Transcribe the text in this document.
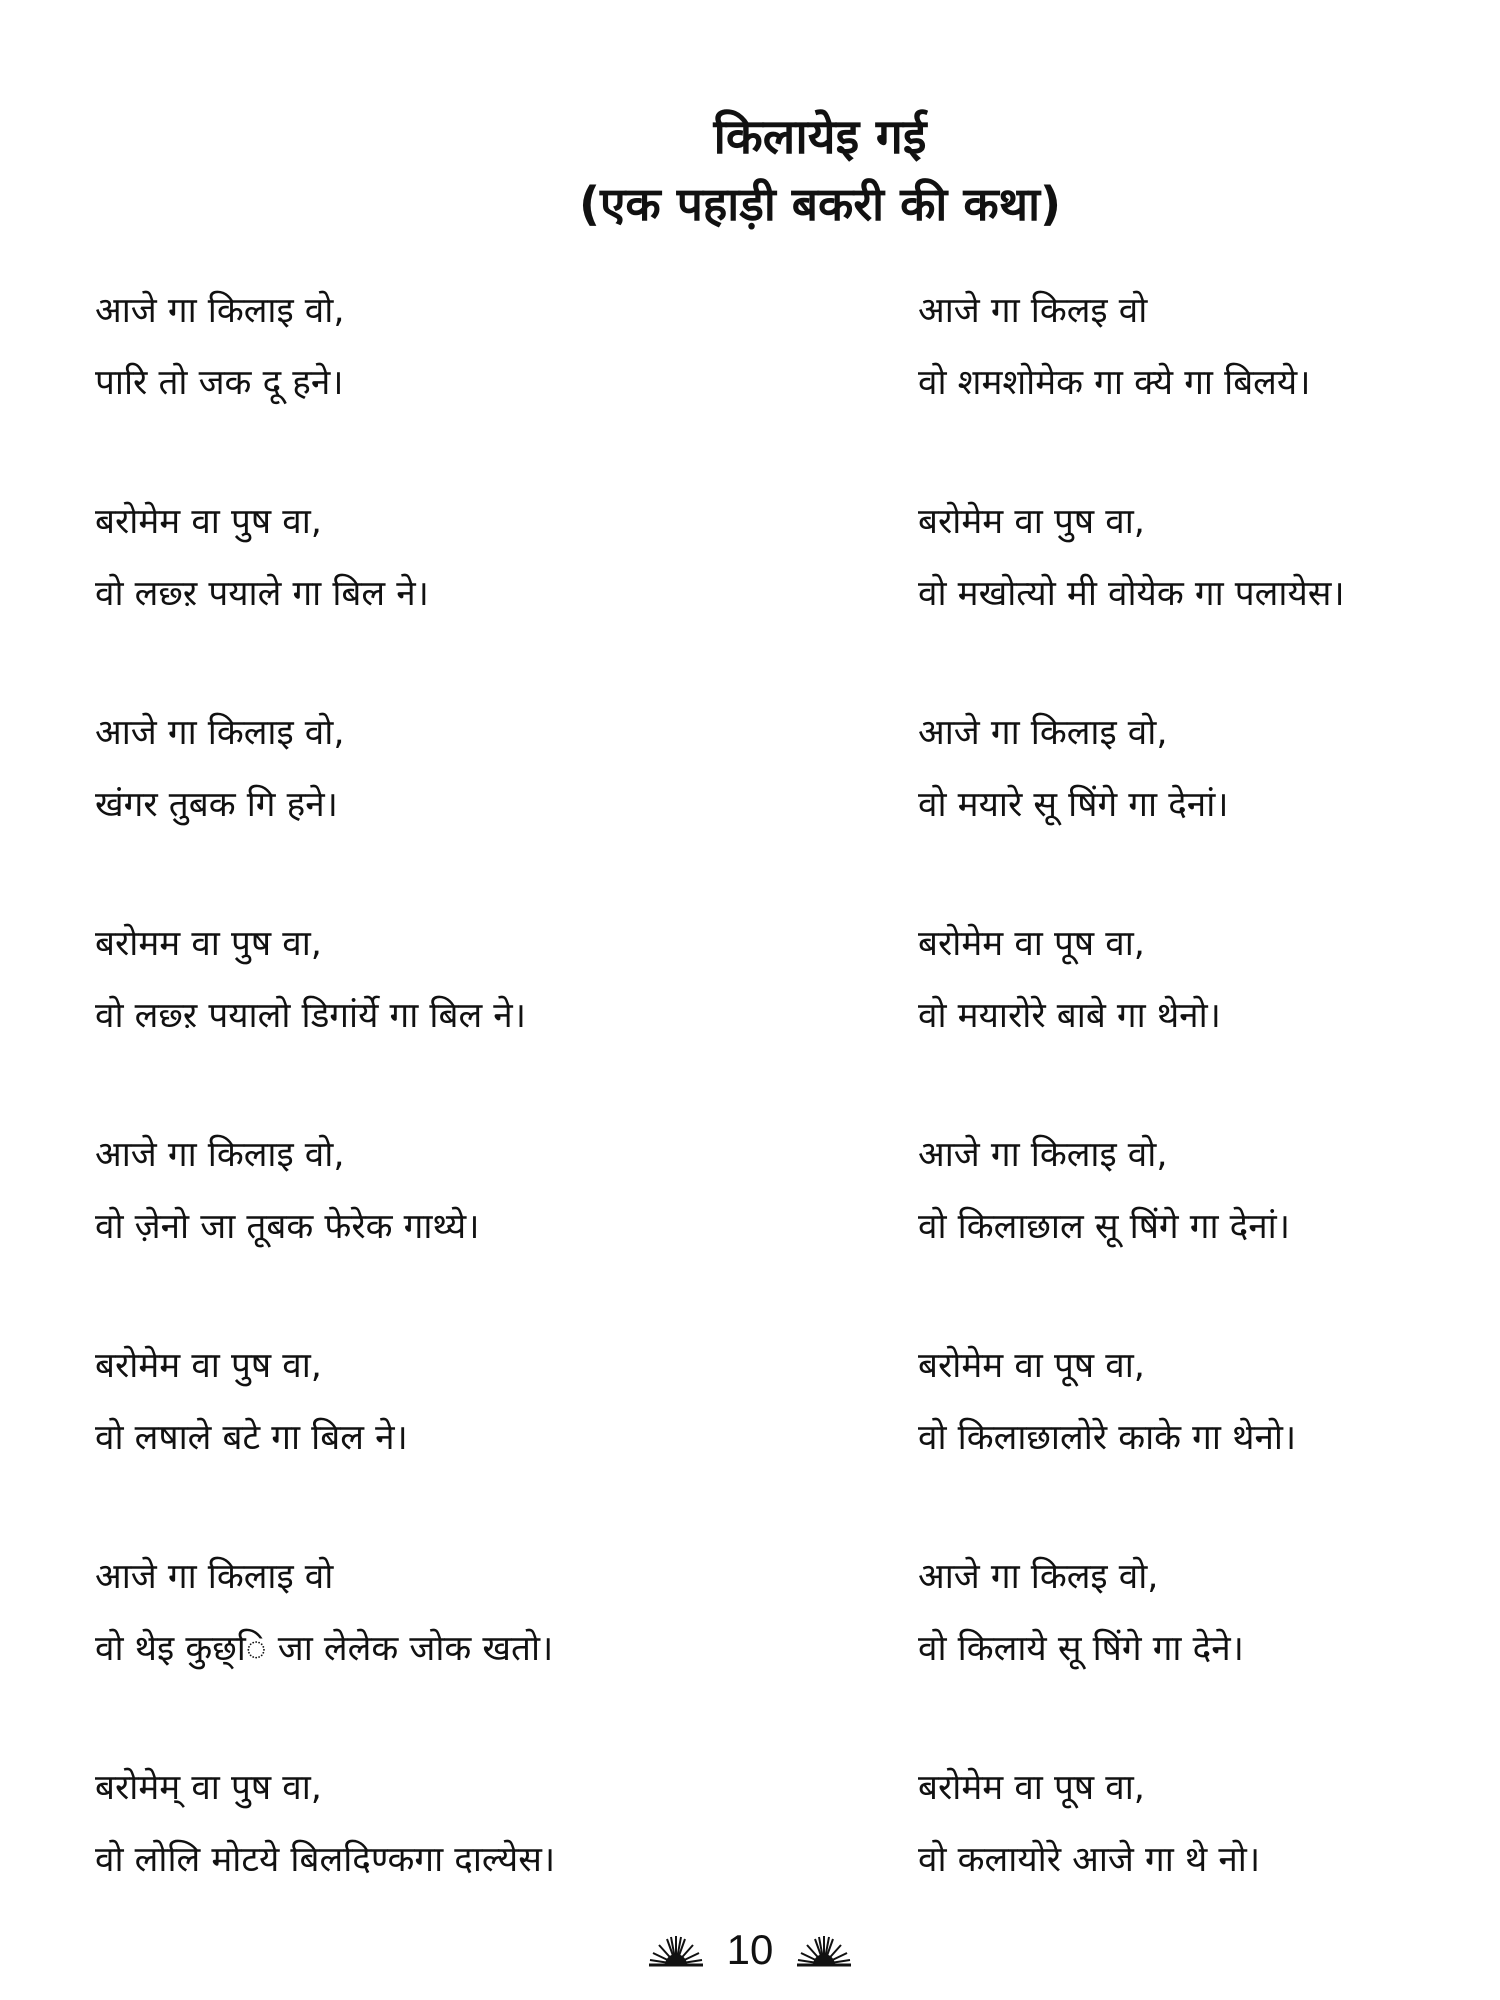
किलायेइ गई
(एक पहाड़ी बकरी की कथा)
आजे गा किलाइ वो,
पारि तो जक दू हने।
बरोमेम वा पुष वा,
वो लछ्ऱ पयाले गा बिल ने।
आजे गा किलाइ वो,
खंगर तुबक गि हने।
बरोमम वा पुष वा,
वो लछ्ऱ पयालो डिगांर्ये गा बिल ने।
आजे गा किलाइ वो,
वो ज़ेनो जा तूबक फेरेक गाथ्ये।
बरोमेम वा पुष वा,
वो लषाले बटे गा बिल ने।
आजे गा किलाइ वो
वो थेइ कुछ्ि जा लेलेक जोक खतो।
बरोमेम् वा पुष वा,
वो लोलि मोटये बिलदिण्कगा दाल्येस।
आजे गा किलइ वो
वो शमशोमेक गा क्ये गा बिलये।
बरोमेम वा पुष वा,
वो मखोत्यो मी वोयेक गा पलायेस।
आजे गा किलाइ वो,
वो मयारे सू षिंगे गा देनां।
बरोमेम वा पूष वा,
वो मयारोरे बाबे गा थेनो।
आजे गा किलाइ वो,
वो किलाछाल सू षिंगे गा देनां।
बरोमेम वा पूष वा,
वो किलाछालोरे काके गा थेनो।
आजे गा किलइ वो,
वो किलाये सू षिंगे गा देने।
बरोमेम वा पूष वा,
वो कलायोरे आजे गा थे नो।
10
